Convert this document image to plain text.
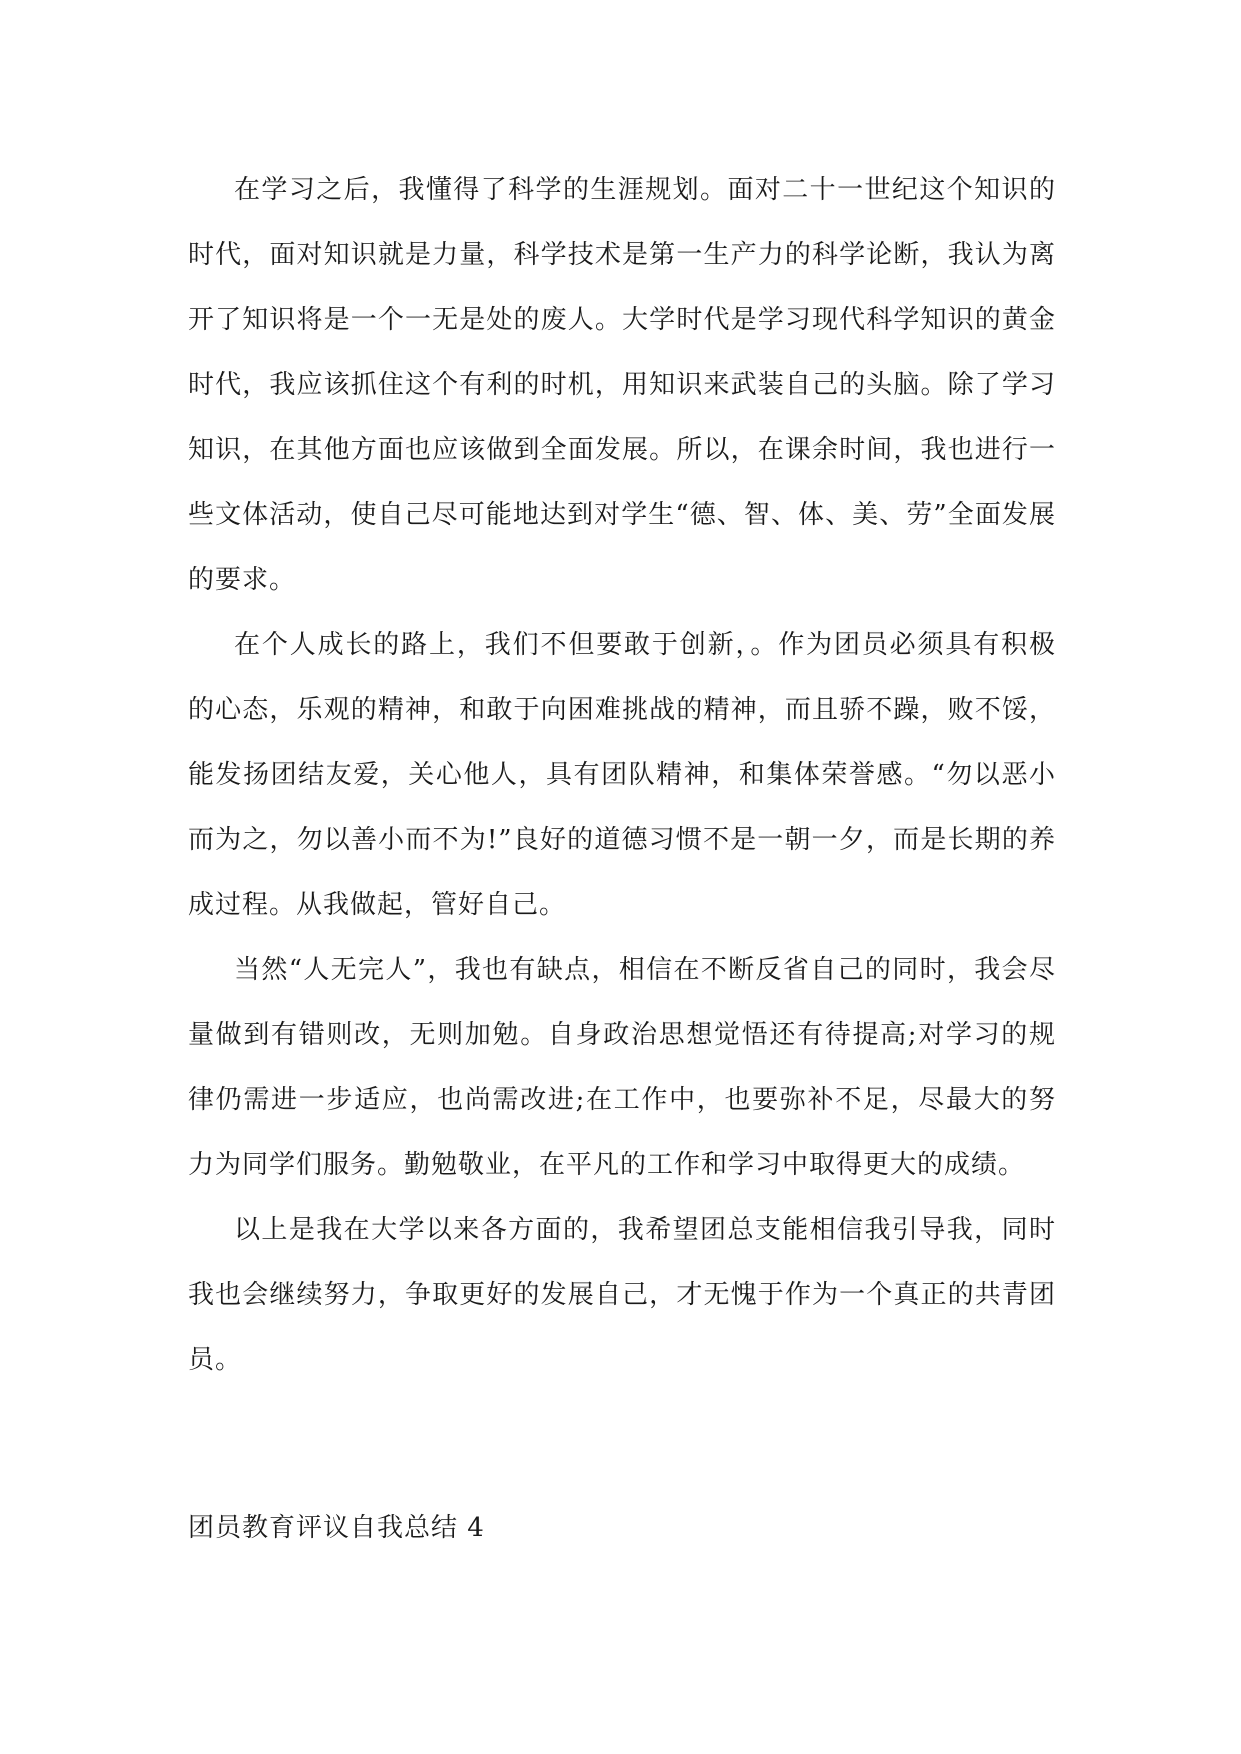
在学习之后，我懂得了科学的生涯规划。面对二十一世纪这个知识的时代，面对知识就是力量，科学技术是第一生产力的科学论断，我认为离开了知识将是一个一无是处的废人。大学时代是学习现代科学知识的黄金时代，我应该抓住这个有利的时机，用知识来武装自己的头脑。除了学习知识，在其他方面也应该做到全面发展。所以，在课余时间，我也进行一些文体活动，使自己尽可能地达到对学生“德、智、体、美、劳”全面发展的要求。

在个人成长的路上，我们不但要敢于创新，。作为团员必须具有积极的心态，乐观的精神，和敢于向困难挑战的精神，而且骄不躁，败不馁，能发扬团结友爱，关心他人，具有团队精神，和集体荣誉感。“勿以恶小而为之，勿以善小而不为!”良好的道德习惯不是一朝一夕，而是长期的养成过程。从我做起，管好自己。

当然“人无完人”，我也有缺点，相信在不断反省自己的同时，我会尽量做到有错则改，无则加勉。自身政治思想觉悟还有待提高;对学习的规律仍需进一步适应，也尚需改进;在工作中，也要弥补不足，尽最大的努力为同学们服务。勤勉敬业，在平凡的工作和学习中取得更大的成绩。

以上是我在大学以来各方面的，我希望团总支能相信我引导我，同时我也会继续努力，争取更好的发展自己，才无愧于作为一个真正的共青团员。

团员教育评议自我总结 4
